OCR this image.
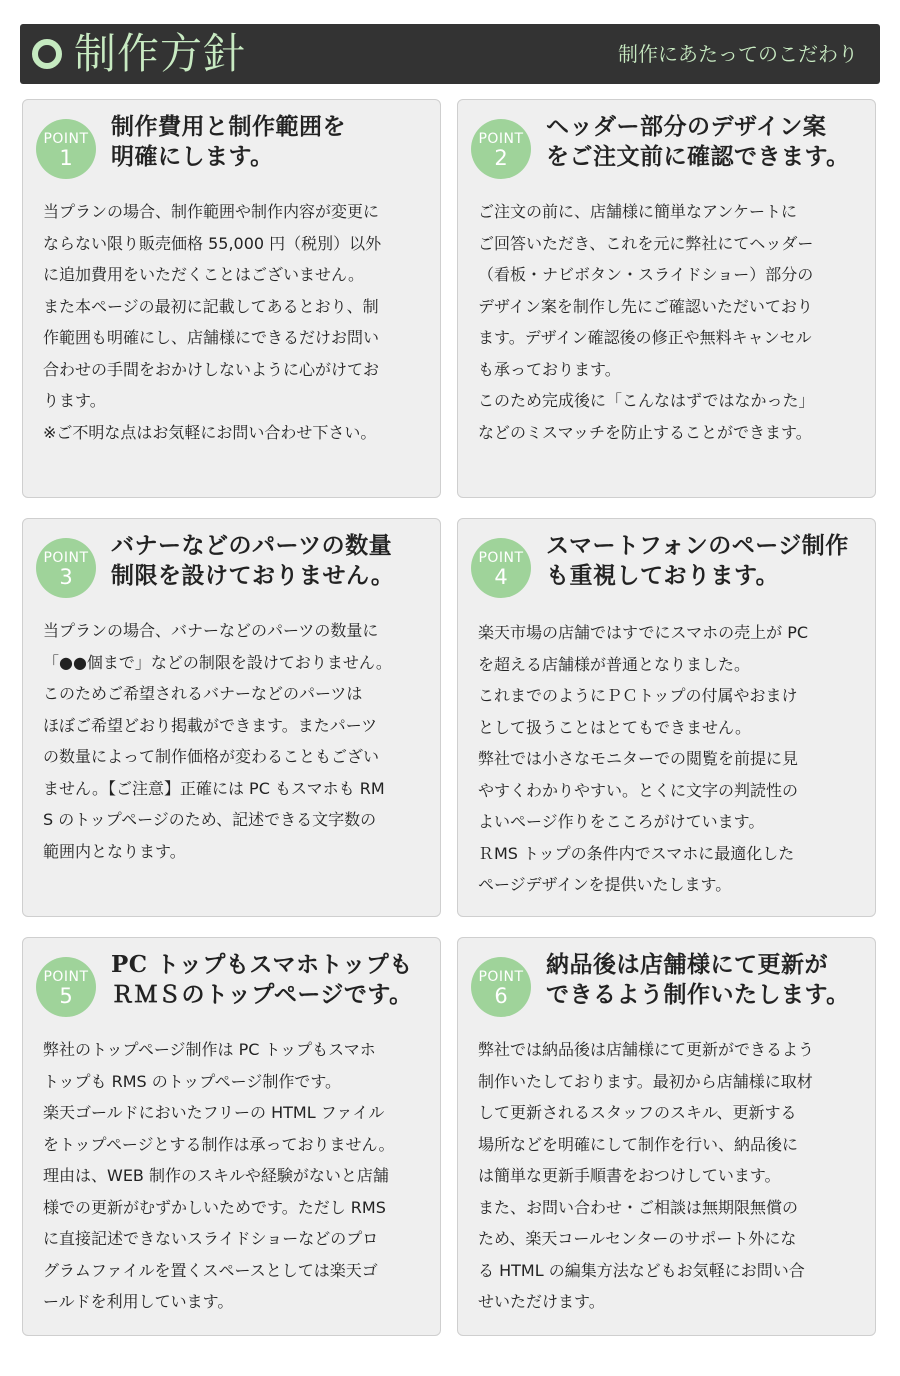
制作方針	制作にあたってのこだわり
POINT
1
制作費用と制作範囲を
明確にします。
当プランの場合、制作範囲や制作内容が変更に
ならない限り販売価格 55,000 円（税別）以外
に追加費用をいただくことはございません。
また本ページの最初に記載してあるとおり、制
作範囲も明確にし、店舗様にできるだけお問い
合わせの手間をおかけしないように心がけてお
ります。
※ご不明な点はお気軽にお問い合わせ下さい。
POINT
2
ヘッダー部分のデザイン案
をご注文前に確認できます。
ご注文の前に、店舗様に簡単なアンケートに
ご回答いただき、これを元に弊社にてヘッダー
（看板・ナビボタン・スライドショー）部分の
デザイン案を制作し先にご確認いただいており
ます。デザイン確認後の修正や無料キャンセル
も承っております。
このため完成後に「こんなはずではなかった」
などのミスマッチを防止することができます。
POINT
3
バナーなどのパーツの数量
制限を設けておりません。
当プランの場合、バナーなどのパーツの数量に
「●●個まで」などの制限を設けておりません。
このためご希望されるバナーなどのパーツは
ほぼご希望どおり掲載ができます。またパーツ
の数量によって制作価格が変わることもござい
ません。【ご注意】正確には PC もスマホも RM
S のトップページのため、記述できる文字数の
範囲内となります。
POINT
4
スマートフォンのページ制作
も重視しております。
楽天市場の店舗ではすでにスマホの売上が PC
を超える店舗様が普通となりました。
これまでのようにＰＣトップの付属やおまけ
として扱うことはとてもできません。
弊社では小さなモニターでの閲覧を前提に見
やすくわかりやすい。とくに文字の判読性の
よいページ作りをこころがけています。
ＲMS トップの条件内でスマホに最適化した
ページデザインを提供いたします。
POINT
5
PC トップもスマホトップも
ＲＭＳのトップページです。
弊社のトップページ制作は PC トップもスマホ
トップも RMS のトップページ制作です。
楽天ゴールドにおいたフリーの HTML ファイル
をトップページとする制作は承っておりません。
理由は、WEB 制作のスキルや経験がないと店舗
様での更新がむずかしいためです。ただし RMS
に直接記述できないスライドショーなどのプロ
グラムファイルを置くスペースとしては楽天ゴ
ールドを利用しています。
POINT
6
納品後は店舗様にて更新が
できるよう制作いたします。
弊社では納品後は店舗様にて更新ができるよう
制作いたしております。最初から店舗様に取材
して更新されるスタッフのスキル、更新する
場所などを明確にして制作を行い、納品後に
は簡単な更新手順書をおつけしています。
また、お問い合わせ・ご相談は無期限無償の
ため、楽天コールセンターのサポート外にな
る HTML の編集方法などもお気軽にお問い合
せいただけます。
